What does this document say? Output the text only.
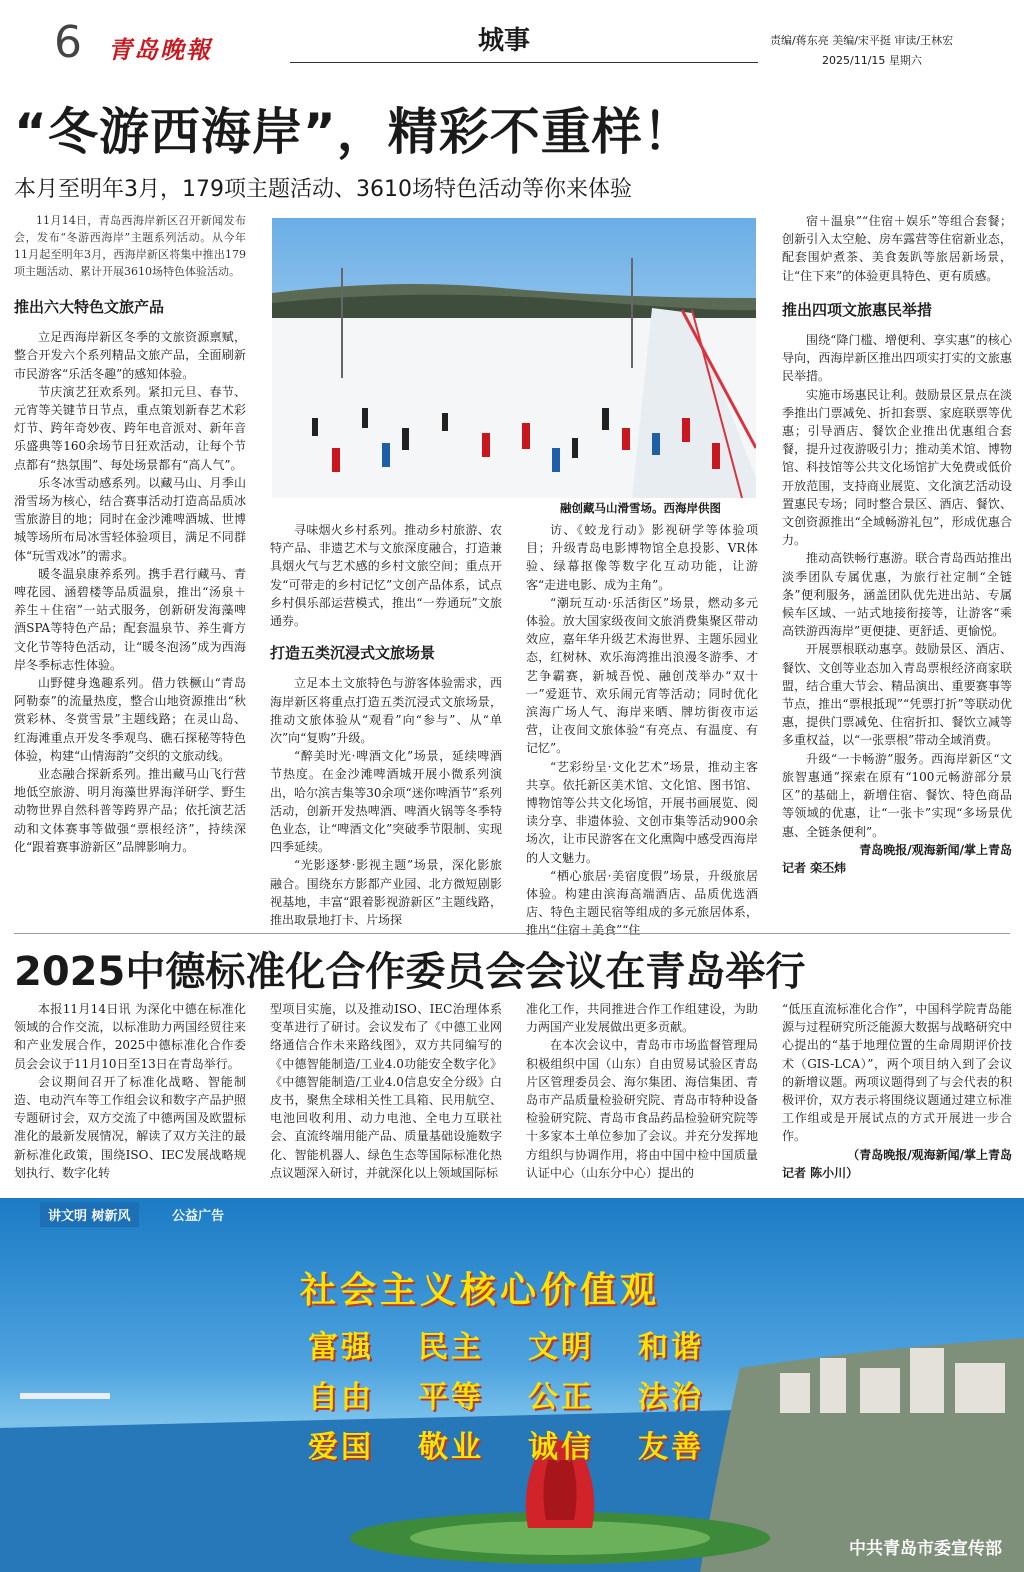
6 青岛晚報	城事	责编/蒋东亮 美编/宋平挺 审读/王林宏
2025/11/15 星期六
“冬游西海岸”，精彩不重样！
本月至明年3月，179项主题活动、3610场特色活动等你来体验

11月14日，青岛西海岸新区召开新闻发布会，发布“冬游西海岸”主题系列活动。从今年11月起至明年3月，西海岸新区将集中推出179项主题活动、累计开展3610场特色体验活动。

推出六大特色文旅产品

立足西海岸新区冬季的文旅资源禀赋，整合开发六个系列精品文旅产品，全面刷新市民游客“乐活冬趣”的感知体验。

节庆演艺狂欢系列。紧扣元旦、春节、元宵等关键节日节点，重点策划新春艺术彩灯节、跨年奇妙夜、跨年电音派对、新年音乐盛典等160余场节日狂欢活动，让每个节点都有“热氛围”、每处场景都有“高人气”。

乐冬冰雪动感系列。以藏马山、月季山滑雪场为核心，结合赛事活动打造高品质冰雪旅游目的地；同时在金沙滩啤酒城、世博城等场所布局冰雪轻体验项目，满足不同群体“玩雪戏冰”的需求。

暖冬温泉康养系列。携手君行藏马、青啤花园、涵碧楼等品质温泉，推出“汤泉＋养生＋住宿”一站式服务，创新研发海藻啤酒SPA等特色产品；配套温泉节、养生膏方文化节等特色活动，让“暖冬泡汤”成为西海岸冬季标志性体验。

山野健身逸趣系列。借力铁橛山“青岛阿勒泰”的流量热度，整合山地资源推出“秋赏彩林、冬赏雪景”主题线路；在灵山岛、红海滩重点开发冬季观鸟、礁石探秘等特色体验，构建“山情海韵”交织的文旅动线。

业态融合探新系列。推出藏马山飞行营地低空旅游、明月海藻世界海洋研学、野生动物世界自然科普等跨界产品；依托演艺活动和文体赛事等做强“票根经济”，持续深化“跟着赛事游新区”品牌影响力。

融创藏马山滑雪场。西海岸供图

寻味烟火乡村系列。推动乡村旅游、农特产品、非遗艺术与文旅深度融合，打造兼具烟火气与艺术感的乡村文旅空间；重点开发“可带走的乡村记忆”文创产品体系，试点乡村俱乐部运营模式，推出“一券通玩”文旅通券。

打造五类沉浸式文旅场景

立足本土文旅特色与游客体验需求，西海岸新区将重点打造五类沉浸式文旅场景，推动文旅体验从“观看”向“参与”、从“单次”向“复购”升级。

“醉美时光·啤酒文化”场景，延续啤酒节热度。在金沙滩啤酒城开展小微系列演出，哈尔滨吉集等30余项“迷你啤酒节”系列活动，创新开发热啤酒、啤酒火锅等冬季特色业态，让“啤酒文化”突破季节限制、实现四季延续。

“光影逐梦·影视主题”场景，深化影旅融合。围绕东方影都产业园、北方微短剧影视基地，丰富“跟着影视游新区”主题线路，推出取景地打卡、片场探

访、《蛟龙行动》影视研学等体验项目；升级青岛电影博物馆全息投影、VR体验、绿幕抠像等数字化互动功能，让游客“走进电影、成为主角”。

“潮玩互动·乐活街区”场景，燃动多元体验。放大国家级夜间文旅消费集聚区带动效应，嘉年华升级艺术海世界、主题乐园业态，红树林、欢乐海湾推出浪漫冬游季、才艺争霸赛，新城吾悦、融创茂举办“双十一”爱逛节、欢乐闹元宵等活动；同时优化滨海广场人气、海岸来晒、牌坊街夜市运营，让夜间文旅体验“有亮点、有温度、有记忆”。

“艺彩纷呈·文化艺术”场景，推动主客共享。依托新区美术馆、文化馆、图书馆、博物馆等公共文化场馆，开展书画展览、阅读分享、非遗体验、文创市集等活动900余场次，让市民游客在文化熏陶中感受西海岸的人文魅力。

“栖心旅居·美宿度假”场景，升级旅居体验。构建由滨海高端酒店、品质优选酒店、特色主题民宿等组成的多元旅居体系，推出“住宿＋美食”“住

宿＋温泉”“住宿＋娱乐”等组合套餐；创新引入太空舱、房车露营等住宿新业态，配套围炉煮茶、美食轰趴等旅居新场景，让“住下来”的体验更具特色、更有质感。

推出四项文旅惠民举措

围绕“降门槛、增便利、享实惠”的核心导向，西海岸新区推出四项实打实的文旅惠民举措。

实施市场惠民让利。鼓励景区景点在淡季推出门票减免、折扣套票、家庭联票等优惠；引导酒店、餐饮企业推出优惠组合套餐，提升过夜游吸引力；推动美术馆、博物馆、科技馆等公共文化场馆扩大免费或低价开放范围，支持商业展览、文化演艺活动设置惠民专场；同时整合景区、酒店、餐饮、文创资源推出“全域畅游礼包”，形成优惠合力。

推动高铁畅行惠游。联合青岛西站推出淡季团队专属优惠，为旅行社定制“全链条”便利服务，涵盖团队优先进出站、专属候车区域、一站式地接衔接等，让游客“乘高铁游西海岸”更便捷、更舒适、更愉悦。

开展票根联动惠享。鼓励景区、酒店、餐饮、文创等业态加入青岛票根经济商家联盟，结合重大节会、精品演出、重要赛事等节点，推出“票根抵现”“凭票打折”等联动优惠，提供门票减免、住宿折扣、餐饮立减等多重权益，以“一张票根”带动全域消费。

升级“一卡畅游”服务。西海岸新区“文旅智惠通”探索在原有“100元畅游部分景区”的基础上，新增住宿、餐饮、特色商品等领域的优惠，让“一张卡”实现“多场景优惠、全链条便利”。

青岛晚报/观海新闻/掌上青岛
记者 栾丕炜
2025中德标准化合作委员会会议在青岛举行

本报11月14日讯 为深化中德在标准化领域的合作交流，以标准助力两国经贸往来和产业发展合作，2025中德标准化合作委员会会议于11月10日至13日在青岛举行。

会议期间召开了标准化战略、智能制造、电动汽车等工作组会议和数字产品护照专题研讨会，双方交流了中德两国及欧盟标准化的最新发展情况，解读了双方关注的最新标准化政策，围绕ISO、IEC发展战略规划执行、数字化转

型项目实施，以及推动ISO、IEC治理体系变革进行了研讨。会议发布了《中德工业网络通信合作未来路线图》，双方共同编写的《中德智能制造/工业4.0功能安全数字化》《中德智能制造/工业4.0信息安全分级》白皮书，聚焦全球相关性工具箱、民用航空、电池回收利用、动力电池、全电力互联社会、直流终端用能产品、质量基础设施数字化、智能机器人、绿色生态等国际标准化热点议题深入研讨，并就深化以上领域国际标

准化工作，共同推进合作工作组建设，为助力两国产业发展做出更多贡献。

在本次会议中，青岛市市场监督管理局积极组织中国（山东）自由贸易试验区青岛片区管理委员会、海尔集团、海信集团、青岛市产品质量检验研究院、青岛市特种设备检验研究院、青岛市食品药品检验研究院等十多家本土单位参加了会议。并充分发挥地方组织与协调作用，将由中国中检中国质量认证中心（山东分中心）提出的

“低压直流标准化合作”，中国科学院青岛能源与过程研究所泛能源大数据与战略研究中心提出的“基于地理位置的生命周期评价技术（GIS-LCA）”，两个项目纳入到了会议的新增议题。两项议题得到了与会代表的积极评价，双方表示将围绕议题通过建立标准工作组或是开展试点的方式开展进一步合作。

（青岛晚报/观海新闻/掌上青岛
记者 陈小川）
讲文明 树新风	公益广告
社会主义核心价值观
富强	民主	文明	和谐
自由	平等	公正	法治
爱国	敬业	诚信	友善
中共青岛市委宣传部
